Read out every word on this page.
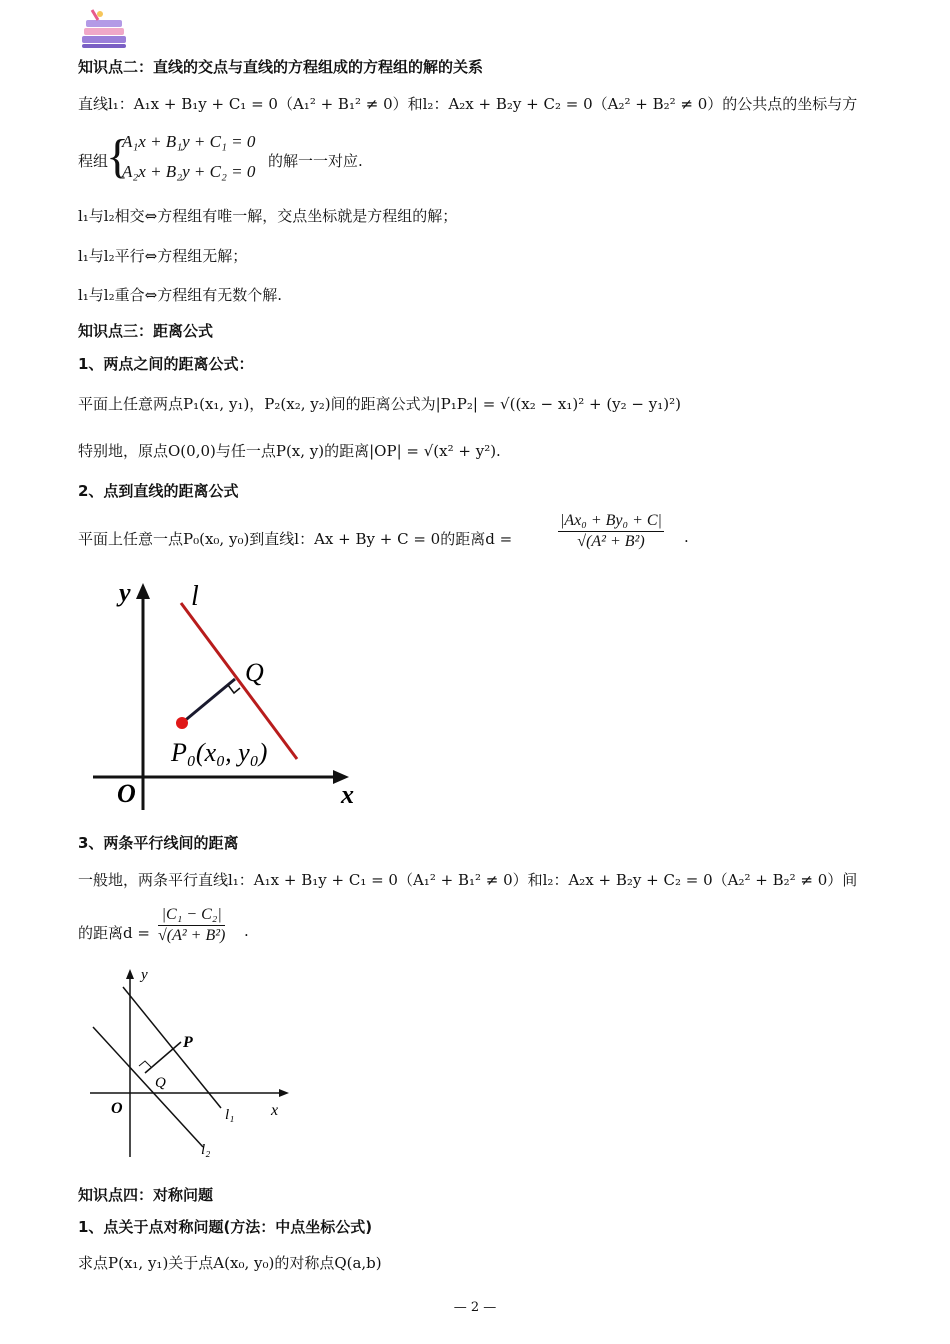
知识点二：直线的交点与直线的方程组成的方程组的解的关系
直线l₁：A₁x + B₁y + C₁ = 0（A₁² + B₁² ≠ 0）和l₂：A₂x + B₂y + C₂ = 0（A₂² + B₂² ≠ 0）的公共点的坐标与方
程组
{
A₁x + B₁y + C₁ = 0
A₂x + B₂y + C₂ = 0
的解一一对应.
l₁与l₂相交⇔方程组有唯一解，交点坐标就是方程组的解；
l₁与l₂平行⇔方程组无解；
l₁与l₂重合⇔方程组有无数个解.
知识点三：距离公式
1、两点之间的距离公式：
平面上任意两点P₁(x₁, y₁)，P₂(x₂, y₂)间的距离公式为|P₁P₂| = √((x₂ − x₁)² + (y₂ − y₁)²)
特别地，原点O(0,0)与任一点P(x, y)的距离|OP| = √(x² + y²).
2、点到直线的距离公式
平面上任意一点P₀(x₀, y₀)到直线l：Ax + By + C = 0的距离d =	$\frac{\text{|Ax₀ + By₀ + C|}}{\text{√(A² + B²)}}$ .
y
x
O
l
Q
P₀(x₀, y₀)
3、两条平行线间的距离
一般地，两条平行直线l₁：A₁x + B₁y + C₁ = 0（A₁² + B₁² ≠ 0）和l₂：A₂x + B₂y + C₂ = 0（A₂² + B₂² ≠ 0）间
的距离$d = \frac{\text{|C₁ − C₂|}}{\text{√(A² + B²)}}$ .
y
x
O
P
Q
l₁
l₂
知识点四：对称问题
1、点关于点对称问题(方法：中点坐标公式)
求点P(x₁, y₁)关于点A(x₀, y₀)的对称点Q(a,b)
— 2 —
